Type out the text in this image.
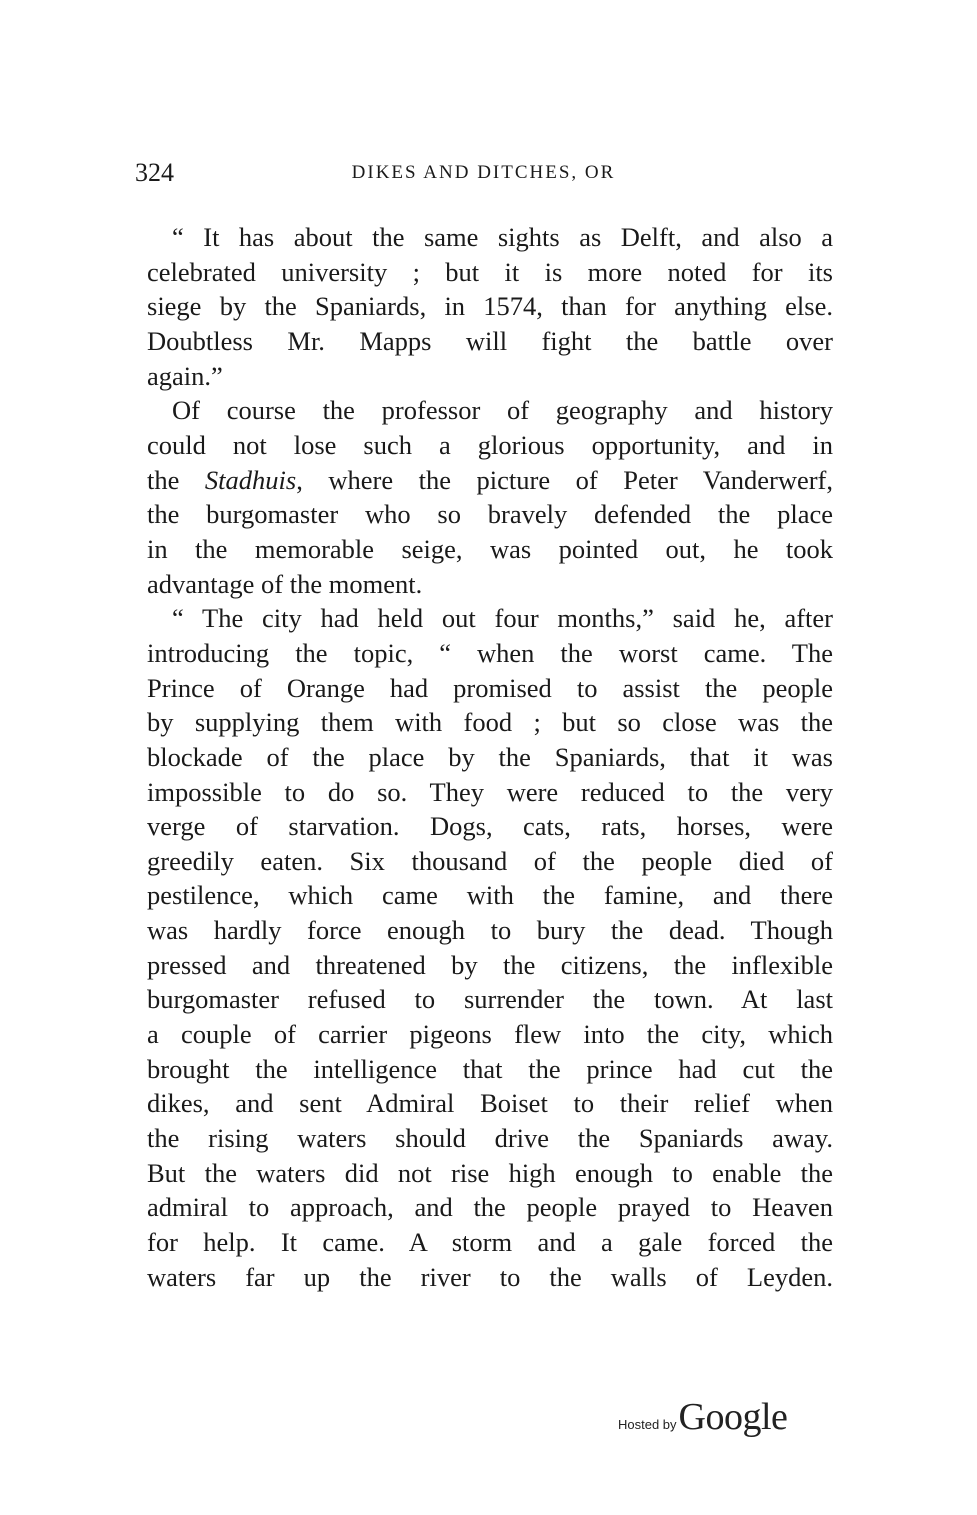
324	DIKES AND DITCHES, OR
“ It has about the same sights as Delft, and also a
celebrated university ; but it is more noted for its
siege by the Spaniards, in 1574, than for anything else.
Doubtless Mr. Mapps will fight the battle over
again.”
Of course the professor of geography and history
could not lose such a glorious opportunity, and in
the Stadhuis, where the picture of Peter Vanderwerf,
the burgomaster who so bravely defended the place
in the memorable seige, was pointed out, he took
advantage of the moment.
“ The city had held out four months,” said he, after
introducing the topic, “ when the worst came. The
Prince of Orange had promised to assist the people
by supplying them with food ; but so close was the
blockade of the place by the Spaniards, that it was
impossible to do so. They were reduced to the very
verge of starvation. Dogs, cats, rats, horses, were
greedily eaten. Six thousand of the people died of
pestilence, which came with the famine, and there
was hardly force enough to bury the dead. Though
pressed and threatened by the citizens, the inflexible
burgomaster refused to surrender the town. At last
a couple of carrier pigeons flew into the city, which
brought the intelligence that the prince had cut the
dikes, and sent Admiral Boiset to their relief when
the rising waters should drive the Spaniards away.
But the waters did not rise high enough to enable the
admiral to approach, and the people prayed to Heaven
for help. It came. A storm and a gale forced the
waters far up the river to the walls of Leyden.
Hosted by Google
